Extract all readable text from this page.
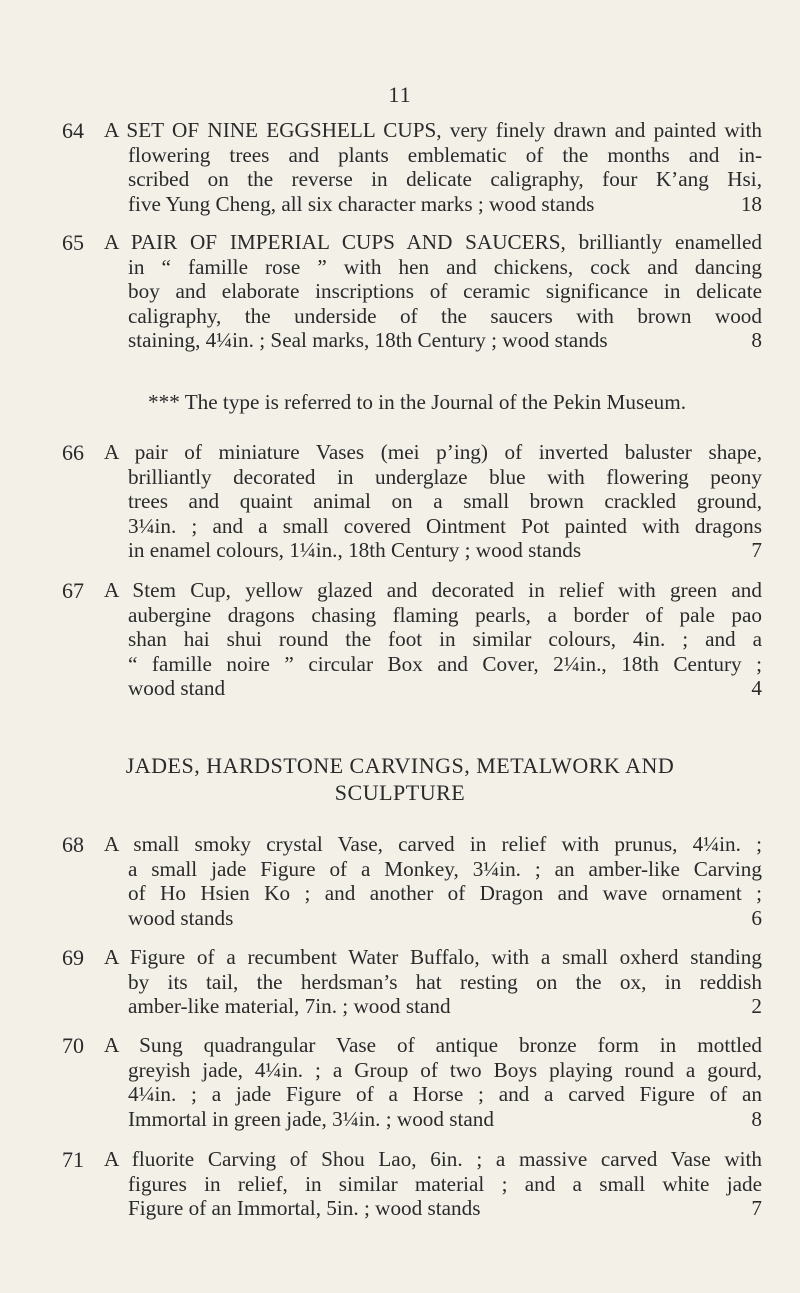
11
64 A SET OF NINE EGGSHELL CUPS, very finely drawn and painted with
flowering trees and plants emblematic of the months and in-
scribed on the reverse in delicate caligraphy, four K’ang Hsi,
five Yung Cheng, all six character marks ; wood stands	18
65 A PAIR OF IMPERIAL CUPS AND SAUCERS, brilliantly enamelled
in “ famille rose ” with hen and chickens, cock and dancing
boy and elaborate inscriptions of ceramic significance in delicate
caligraphy, the underside of the saucers with brown wood
staining, 4¼in. ; Seal marks, 18th Century ; wood stands	8
*** The type is referred to in the Journal of the Pekin Museum.
66 A pair of miniature Vases (mei p’ing) of inverted baluster shape,
brilliantly decorated in underglaze blue with flowering peony
trees and quaint animal on a small brown crackled ground,
3¼in. ; and a small covered Ointment Pot painted with dragons
in enamel colours, 1¼in., 18th Century ; wood stands	7
67 A Stem Cup, yellow glazed and decorated in relief with green and
aubergine dragons chasing flaming pearls, a border of pale pao
shan hai shui round the foot in similar colours, 4in. ; and a
“ famille noire ” circular Box and Cover, 2¼in., 18th Century ;
wood stand	4
JADES, HARDSTONE CARVINGS, METALWORK AND
SCULPTURE
68 A small smoky crystal Vase, carved in relief with prunus, 4¼in. ;
a small jade Figure of a Monkey, 3¼in. ; an amber-like Carving
of Ho Hsien Ko ; and another of Dragon and wave ornament ;
wood stands	6
69 A Figure of a recumbent Water Buffalo, with a small oxherd standing
by its tail, the herdsman’s hat resting on the ox, in reddish
amber-like material, 7in. ; wood stand	2
70 A Sung quadrangular Vase of antique bronze form in mottled
greyish jade, 4¼in. ; a Group of two Boys playing round a gourd,
4¼in. ; a jade Figure of a Horse ; and a carved Figure of an
Immortal in green jade, 3¼in. ; wood stand	8
71 A fluorite Carving of Shou Lao, 6in. ; a massive carved Vase with
figures in relief, in similar material ; and a small white jade
Figure of an Immortal, 5in. ; wood stands	7
